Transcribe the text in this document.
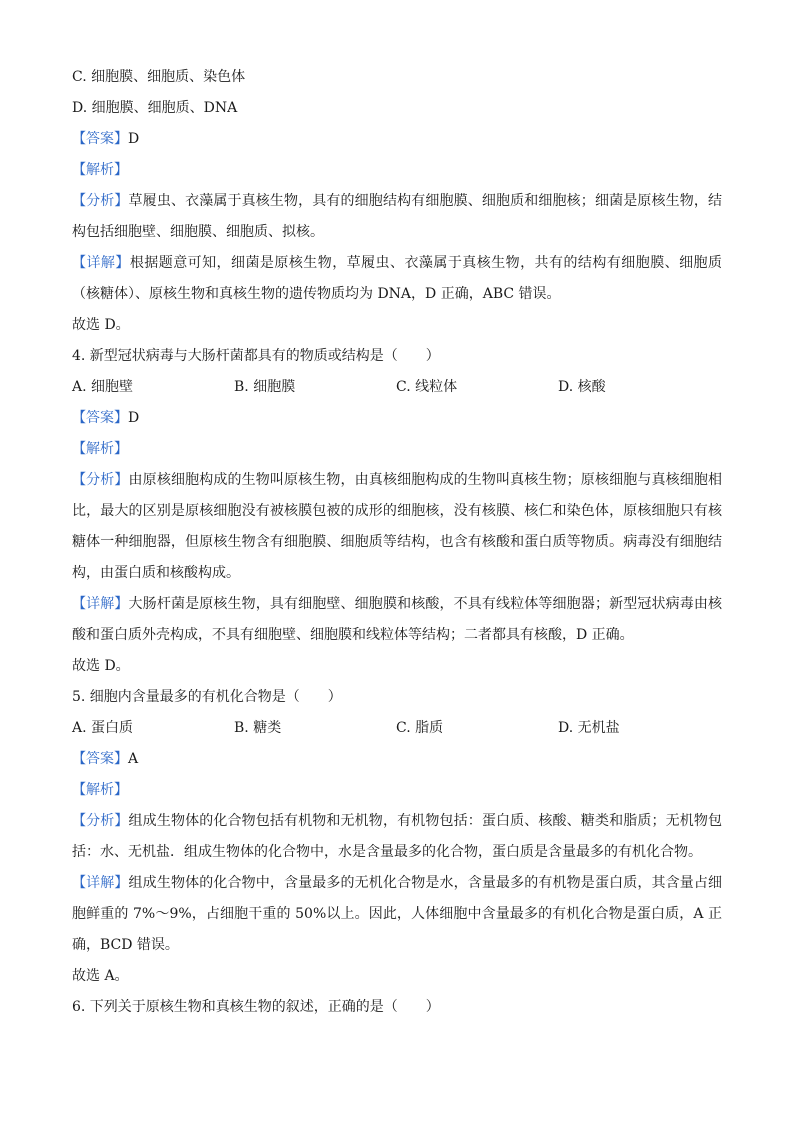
C. 细胞膜、细胞质、染色体

D. 细胞膜、细胞质、DNA

【答案】D

【解析】

【分析】草履虫、衣藻属于真核生物，具有的细胞结构有细胞膜、细胞质和细胞核；细菌是原核生物，结构包括细胞壁、细胞膜、细胞质、拟核。

【详解】根据题意可知，细菌是原核生物，草履虫、衣藻属于真核生物，共有的结构有细胞膜、细胞质（核糖体）、原核生物和真核生物的遗传物质均为 DNA，D 正确，ABC 错误。

故选 D。

4. 新型冠状病毒与大肠杆菌都具有的物质或结构是（　　）

A. 细胞壁	B. 细胞膜	C. 线粒体	D. 核酸

【答案】D

【解析】

【分析】由原核细胞构成的生物叫原核生物，由真核细胞构成的生物叫真核生物；原核细胞与真核细胞相比，最大的区别是原核细胞没有被核膜包被的成形的细胞核，没有核膜、核仁和染色体，原核细胞只有核糖体一种细胞器，但原核生物含有细胞膜、细胞质等结构，也含有核酸和蛋白质等物质。病毒没有细胞结构，由蛋白质和核酸构成。

【详解】大肠杆菌是原核生物，具有细胞壁、细胞膜和核酸，不具有线粒体等细胞器；新型冠状病毒由核酸和蛋白质外壳构成，不具有细胞壁、细胞膜和线粒体等结构；二者都具有核酸，D 正确。

故选 D。

5. 细胞内含量最多的有机化合物是（　　）

A. 蛋白质	B. 糖类	C. 脂质	D. 无机盐

【答案】A

【解析】

【分析】组成生物体的化合物包括有机物和无机物，有机物包括：蛋白质、核酸、糖类和脂质；无机物包括：水、无机盐．组成生物体的化合物中，水是含量最多的化合物，蛋白质是含量最多的有机化合物。

【详解】组成生物体的化合物中，含量最多的无机化合物是水，含量最多的有机物是蛋白质，其含量占细胞鲜重的 7%～9%，占细胞干重的 50%以上。因此，人体细胞中含量最多的有机化合物是蛋白质，A 正确，BCD 错误。

故选 A。

6. 下列关于原核生物和真核生物的叙述，正确的是（　　）
